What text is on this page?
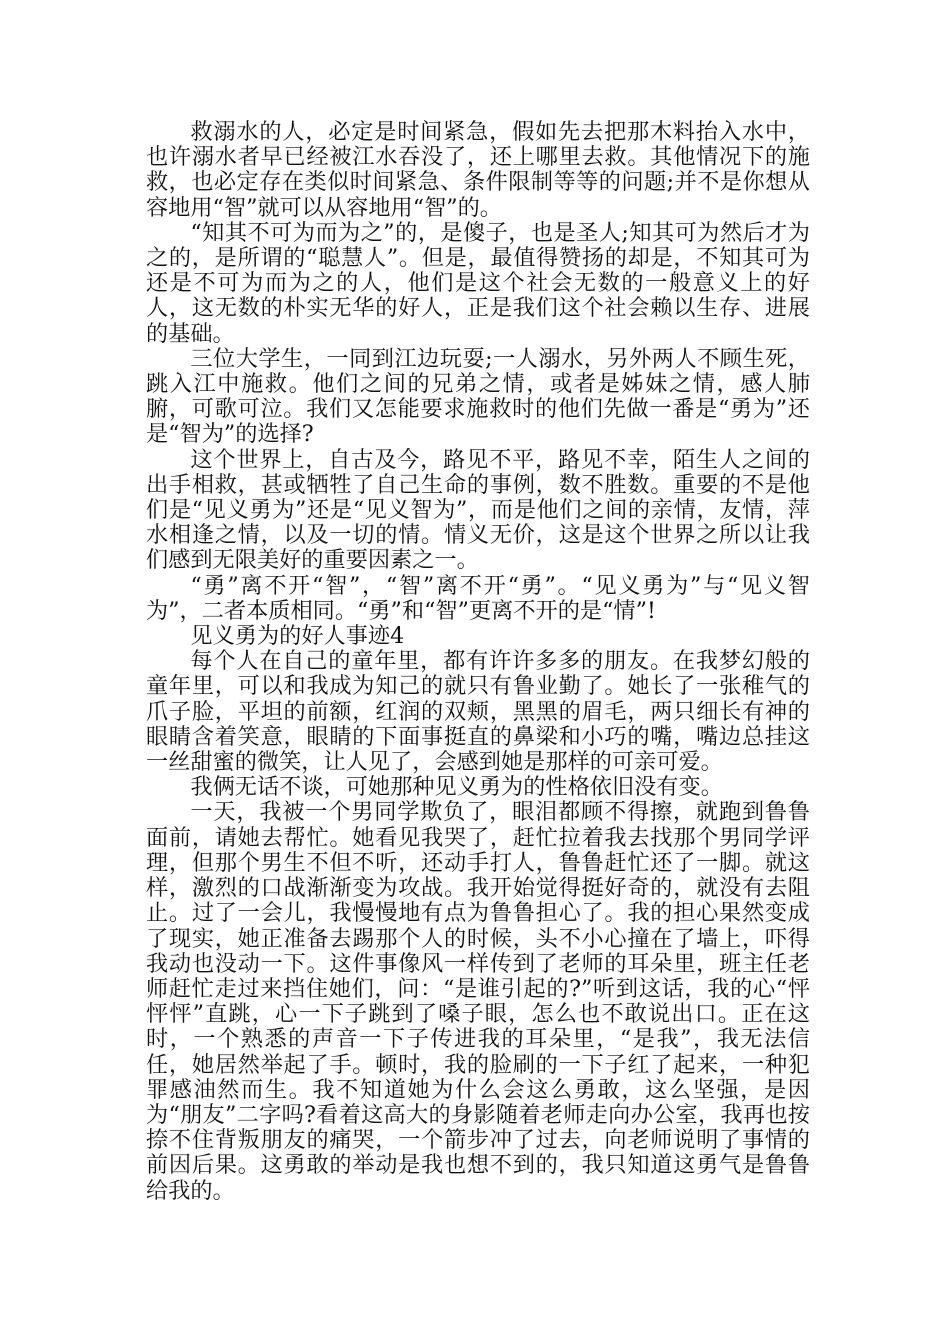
救溺水的人，必定是时间紧急，假如先去把那木料抬入水中，也许溺水者早已经被江水吞没了，还上哪里去救。其他情况下的施救，也必定存在类似时间紧急、条件限制等等的问题;并不是你想从容地用“智”就可以从容地用“智”的。

“知其不可为而为之”的，是傻子，也是圣人;知其可为然后才为之的，是所谓的“聪慧人”。但是，最值得赞扬的却是，不知其可为还是不可为而为之的人，他们是这个社会无数的一般意义上的好人，这无数的朴实无华的好人，正是我们这个社会赖以生存、进展的基础。

三位大学生，一同到江边玩耍;一人溺水，另外两人不顾生死，跳入江中施救。他们之间的兄弟之情，或者是姊妹之情，感人肺腑，可歌可泣。我们又怎能要求施救时的他们先做一番是“勇为”还是“智为”的选择?

这个世界上，自古及今，路见不平，路见不幸，陌生人之间的出手相救，甚或牺牲了自己生命的事例，数不胜数。重要的不是他们是“见义勇为”还是“见义智为”，而是他们之间的亲情，友情，萍水相逢之情，以及一切的情。情义无价，这是这个世界之所以让我们感到无限美好的重要因素之一。

“勇”离不开“智”，“智”离不开“勇”。“见义勇为”与“见义智为”，二者本质相同。“勇”和“智”更离不开的是“情”!

见义勇为的好人事迹4

每个人在自己的童年里，都有许许多多的朋友。在我梦幻般的童年里，可以和我成为知己的就只有鲁业勤了。她长了一张稚气的爪子脸，平坦的前额，红润的双颊，黑黑的眉毛，两只细长有神的眼睛含着笑意，眼睛的下面事挺直的鼻梁和小巧的嘴，嘴边总挂这一丝甜蜜的微笑，让人见了，会感到她是那样的可亲可爱。

我俩无话不谈，可她那种见义勇为的性格依旧没有变。

一天，我被一个男同学欺负了，眼泪都顾不得擦，就跑到鲁鲁面前，请她去帮忙。她看见我哭了，赶忙拉着我去找那个男同学评理，但那个男生不但不听，还动手打人，鲁鲁赶忙还了一脚。就这样，激烈的口战渐渐变为攻战。我开始觉得挺好奇的，就没有去阻止。过了一会儿，我慢慢地有点为鲁鲁担心了。我的担心果然变成了现实，她正准备去踢那个人的时候，头不小心撞在了墙上，吓得我动也没动一下。这件事像风一样传到了老师的耳朵里，班主任老师赶忙走过来挡住她们，问：“是谁引起的?”听到这话，我的心“怦怦怦”直跳，心一下子跳到了嗓子眼，怎么也不敢说出口。正在这时，一个熟悉的声音一下子传进我的耳朵里，“是我”，我无法信任，她居然举起了手。顿时，我的脸刷的一下子红了起来，一种犯罪感油然而生。我不知道她为什么会这么勇敢，这么坚强，是因为“朋友”二字吗?看着这高大的身影随着老师走向办公室，我再也按捺不住背叛朋友的痛哭，一个箭步冲了过去，向老师说明了事情的前因后果。这勇敢的举动是我也想不到的，我只知道这勇气是鲁鲁给我的。
